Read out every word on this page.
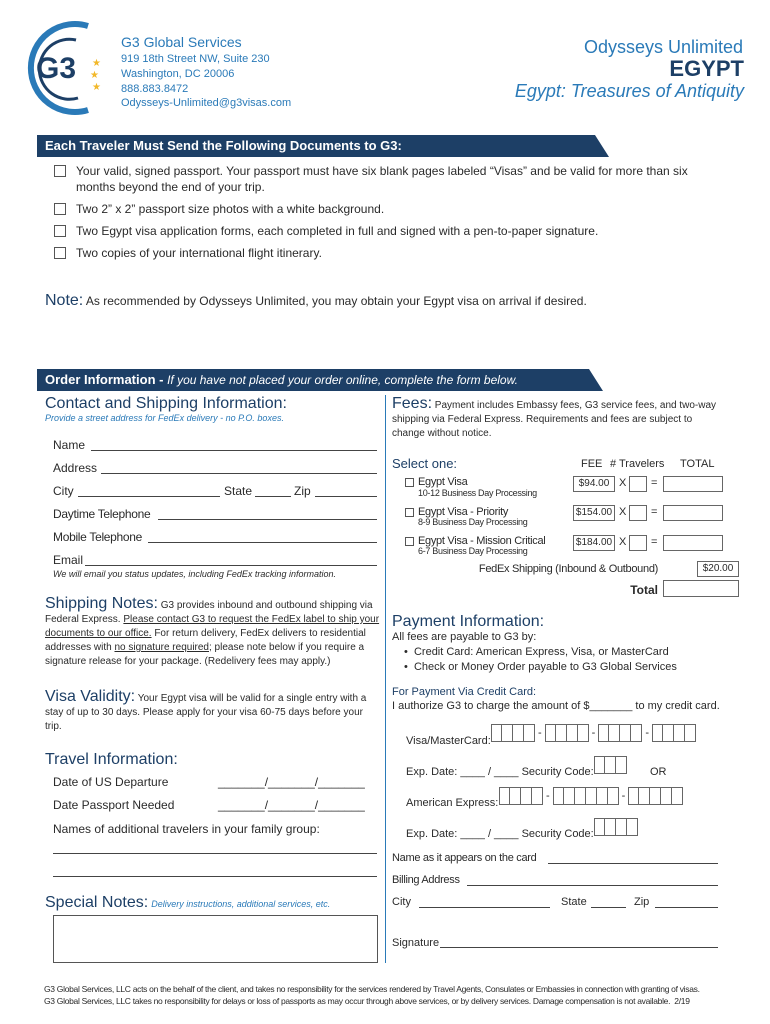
★
★
★
G3
G3 Global Services
919 18th Street NW, Suite 230
Washington, DC 20006
888.883.8472
Odysseys-Unlimited@g3visas.com
Odysseys Unlimited
EGYPT
Egypt: Treasures of Antiquity
Each Traveler Must Send the Following Documents to G3:
Your valid, signed passport. Your passport must have six blank pages labeled “Visas” and be valid for more than six months beyond the end of your trip.
Two 2” x 2” passport size photos with a white background.
Two Egypt visa application forms, each completed in full and signed with a pen-to-paper signature.
Two copies of your international flight itinerary.
Note: As recommended by Odysseys Unlimited, you may obtain your Egypt visa on arrival if desired.
Order Information - If you have not placed your order online, complete the form below.
Contact and Shipping Information:
Provide a street address for FedEx delivery - no P.O. boxes.
Name
Address
City	State	Zip
Daytime Telephone
Mobile Telephone
Email
We will email you status updates, including FedEx tracking information.
Shipping Notes: G3 provides inbound and outbound shipping via Federal Express. Please contact G3 to request the FedEx label to ship your documents to our office. For return delivery, FedEx delivers to residential addresses with no signature required; please note below if you require a signature release for your package. (Redelivery fees may apply.)
Visa Validity: Your Egypt visa will be valid for a single entry with a stay of up to 30 days. Please apply for your visa 60-75 days before your trip.
Travel Information:
Date of US Departure	_______/_______/_______
Date Passport Needed	_______/_______/_______
Names of additional travelers in your family group:
Special Notes: Delivery instructions, additional services, etc.
Fees: Payment includes Embassy fees, G3 service fees, and two-way shipping via Federal Express. Requirements and fees are subject to change without notice.
Select one:	FEE # Travelers TOTAL
Egypt Visa
10-12 Business Day Processing
$94.00 X =
Egypt Visa - Priority
8-9 Business Day Processing
$154.00 X =
Egypt Visa - Mission Critical
6-7 Business Day Processing
$184.00 X =
FedEx Shipping (Inbound & Outbound)	$20.00
Total
Payment Information:
All fees are payable to G3 by:
•  Credit Card: American Express, Visa, or MasterCard
•  Check or Money Order payable to G3 Global Services
For Payment Via Credit Card:
I authorize G3 to charge the amount of $_______ to my credit card.
Visa/MasterCard:
-	-	-
Exp. Date: ____ / ____ Security Code:	OR
American Express:
-	-
Exp. Date: ____ / ____ Security Code:
Name as it appears on the card
Billing Address
City	State	Zip
Signature
G3 Global Services, LLC acts on the behalf of the client, and takes no responsibility for the services rendered by Travel Agents, Consulates or Embassies in connection with granting of visas.
G3 Global Services, LLC takes no responsibility for delays or loss of passports as may occur through above services, or by delivery services. Damage compensation is not available. 2/19
